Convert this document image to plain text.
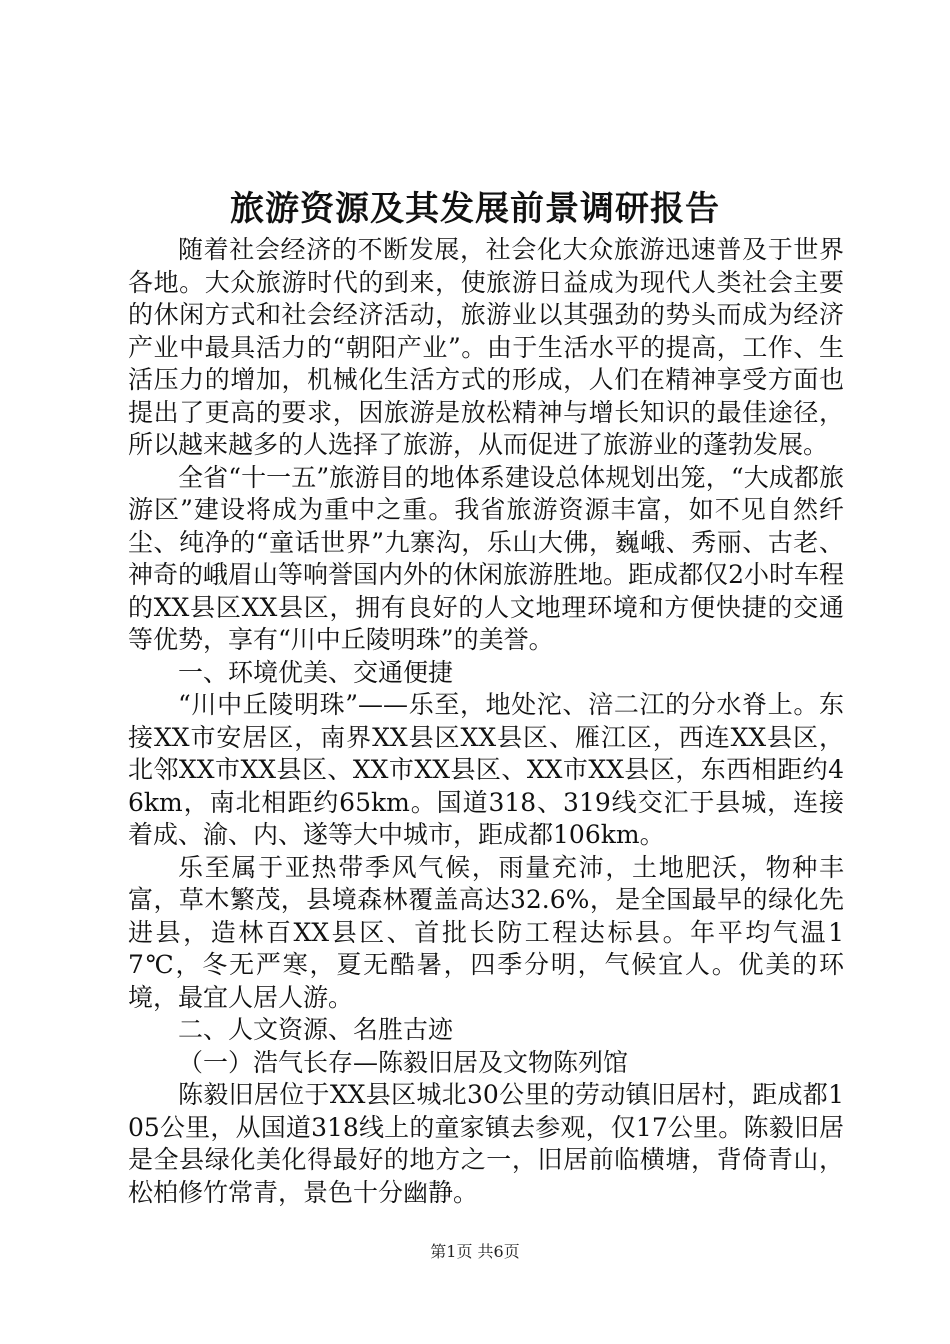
旅游资源及其发展前景调研报告

随着社会经济的不断发展，社会化大众旅游迅速普及于世界各地。大众旅游时代的到来，使旅游日益成为现代人类社会主要的休闲方式和社会经济活动，旅游业以其强劲的势头而成为经济产业中最具活力的“朝阳产业”。由于生活水平的提高，工作、生活压力的增加，机械化生活方式的形成，人们在精神享受方面也提出了更高的要求，因旅游是放松精神与增长知识的最佳途径，所以越来越多的人选择了旅游，从而促进了旅游业的蓬勃发展。

全省“十一五”旅游目的地体系建设总体规划出笼，“大成都旅游区”建设将成为重中之重。我省旅游资源丰富，如不见自然纤尘、纯净的“童话世界”九寨沟，乐山大佛，巍峨、秀丽、古老、神奇的峨眉山等响誉国内外的休闲旅游胜地。距成都仅2小时车程的XX县区XX县区，拥有良好的人文地理环境和方便快捷的交通等优势，享有“川中丘陵明珠”的美誉。

一、环境优美、交通便捷

“川中丘陵明珠”——乐至，地处沱、涪二江的分水脊上。东接XX市安居区，南界XX县区XX县区、雁江区，西连XX县区，北邻XX市XX县区、XX市XX县区、XX市XX县区，东西相距约46km，南北相距约65km。国道318、319线交汇于县城，连接着成、渝、内、遂等大中城市，距成都106km。

乐至属于亚热带季风气候，雨量充沛，土地肥沃，物种丰富，草木繁茂，县境森林覆盖高达32.6%，是全国最早的绿化先进县，造林百XX县区、首批长防工程达标县。年平均气温17℃，冬无严寒，夏无酷暑，四季分明，气候宜人。优美的环境，最宜人居人游。

二、人文资源、名胜古迹

（一）浩气长存—陈毅旧居及文物陈列馆

陈毅旧居位于XX县区城北30公里的劳动镇旧居村，距成都105公里，从国道318线上的童家镇去参观，仅17公里。陈毅旧居是全县绿化美化得最好的地方之一，旧居前临横塘，背倚青山，松柏修竹常青，景色十分幽静。

第1页 共6页
